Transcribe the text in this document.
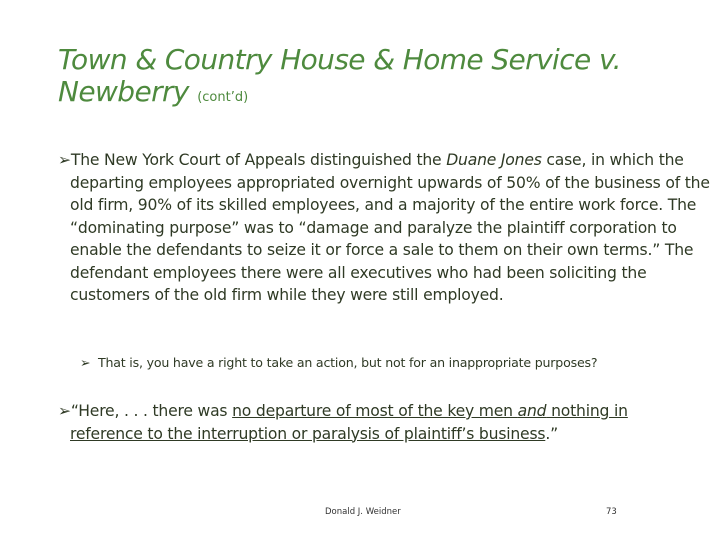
Town & Country House & Home Service v.
Newberry (cont’d)
➢The New York Court of Appeals distinguished the Duane Jones case, in which the departing employees appropriated overnight upwards of 50% of the business of the old firm, 90% of its skilled employees, and a majority of the entire work force. The “dominating purpose” was to “damage and paralyze the plaintiff corporation to enable the defendants to seize it or force a sale to them on their own terms.” The defendant employees there were all executives who had been soliciting the customers of the old firm while they were still employed.
➢ That is, you have a right to take an action, but not for an inappropriate purposes?
➢“Here, . . . there was no departure of most of the key men and nothing in reference to the interruption or paralysis of plaintiff’s business.”
Donald J. Weidner	73
